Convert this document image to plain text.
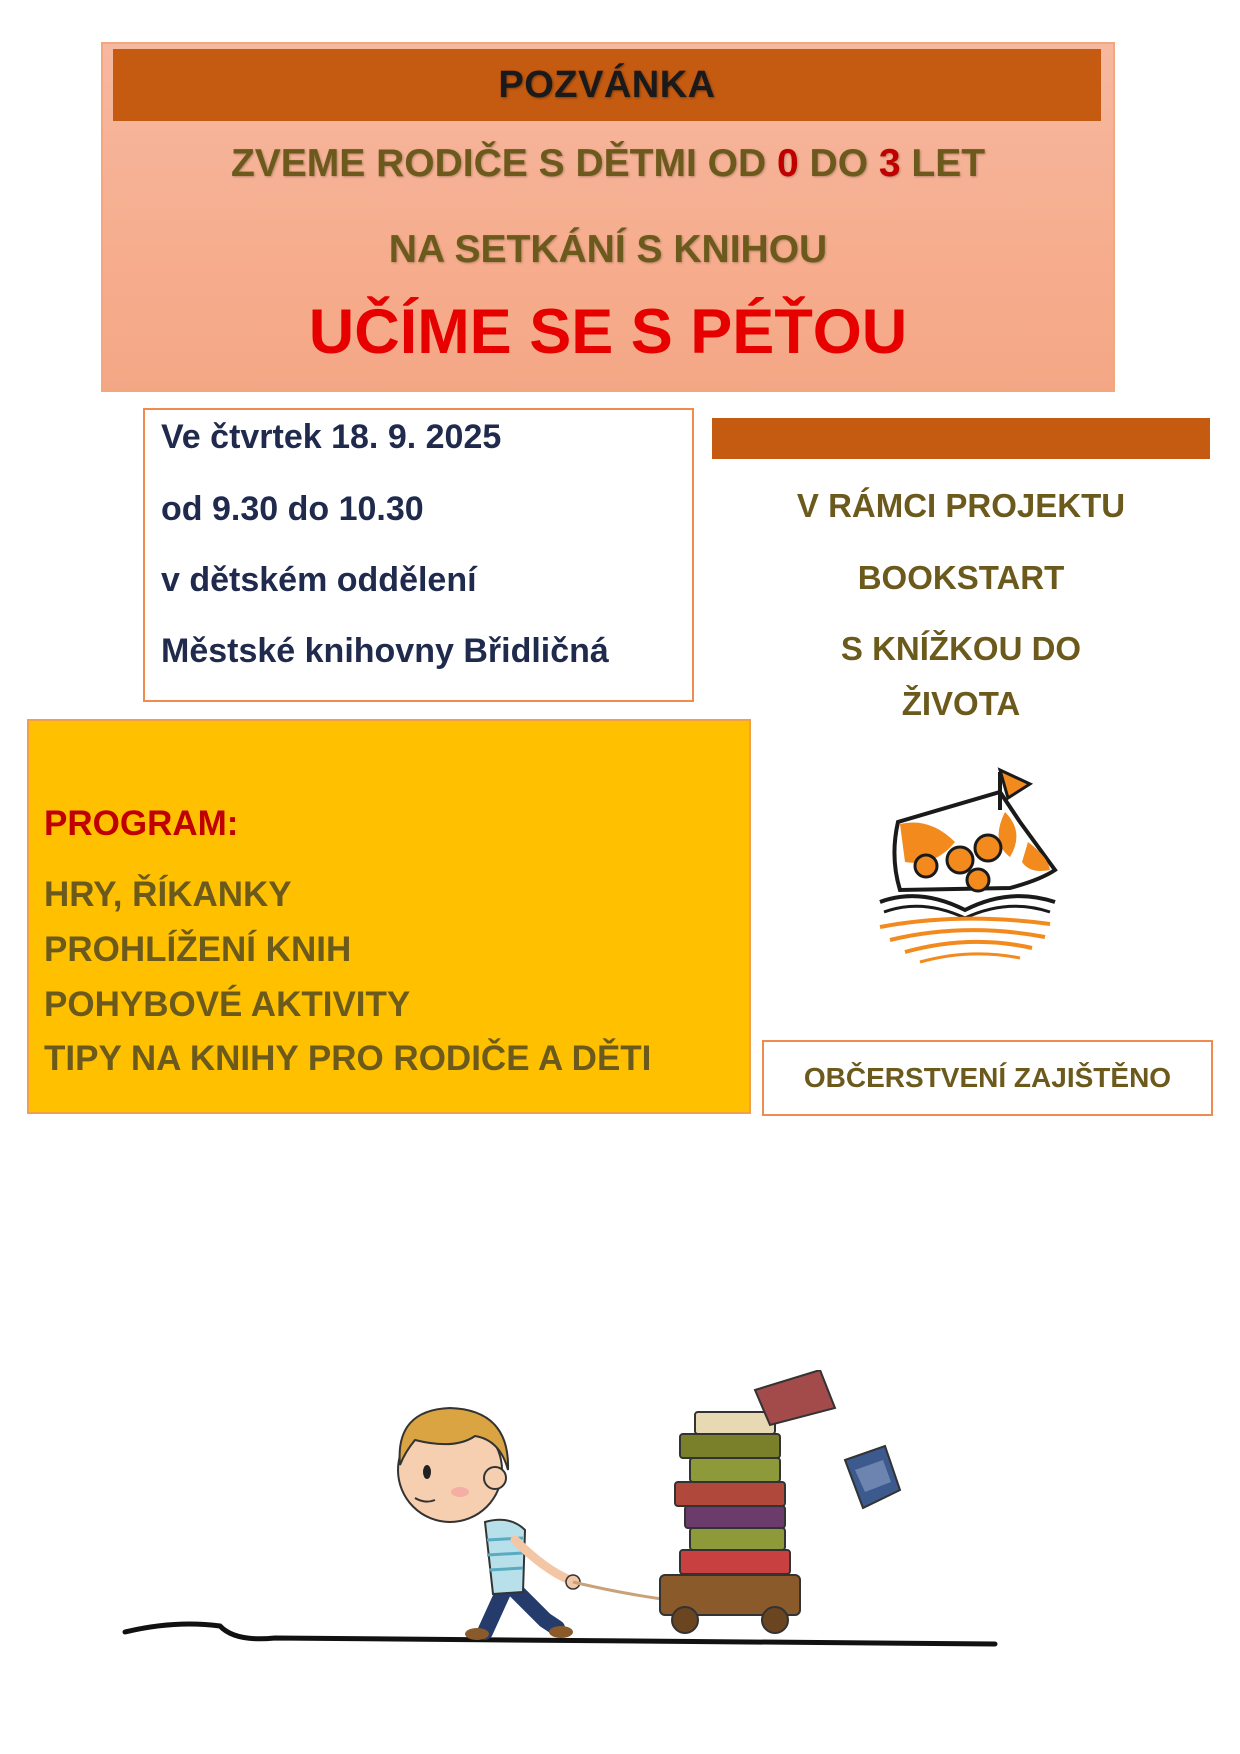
POZVÁNKA
ZVEME RODIČE S DĚTMI OD 0 DO 3 LET
NA SETKÁNÍ S KNIHOU
UČÍME SE S PÉŤOU
Ve čtvrtek 18. 9. 2025
od 9.30 do 10.30
v dětském oddělení
Městské knihovny Břidličná
V RÁMCI PROJEKTU
BOOKSTART
S KNÍŽKOU DO
ŽIVOTA
PROGRAM:
HRY, ŘÍKANKY
PROHLÍŽENÍ KNIH
POHYBOVÉ AKTIVITY
TIPY NA KNIHY PRO RODIČE A DĚTI	OBČERSTVENÍ ZAJIŠTĚNO
